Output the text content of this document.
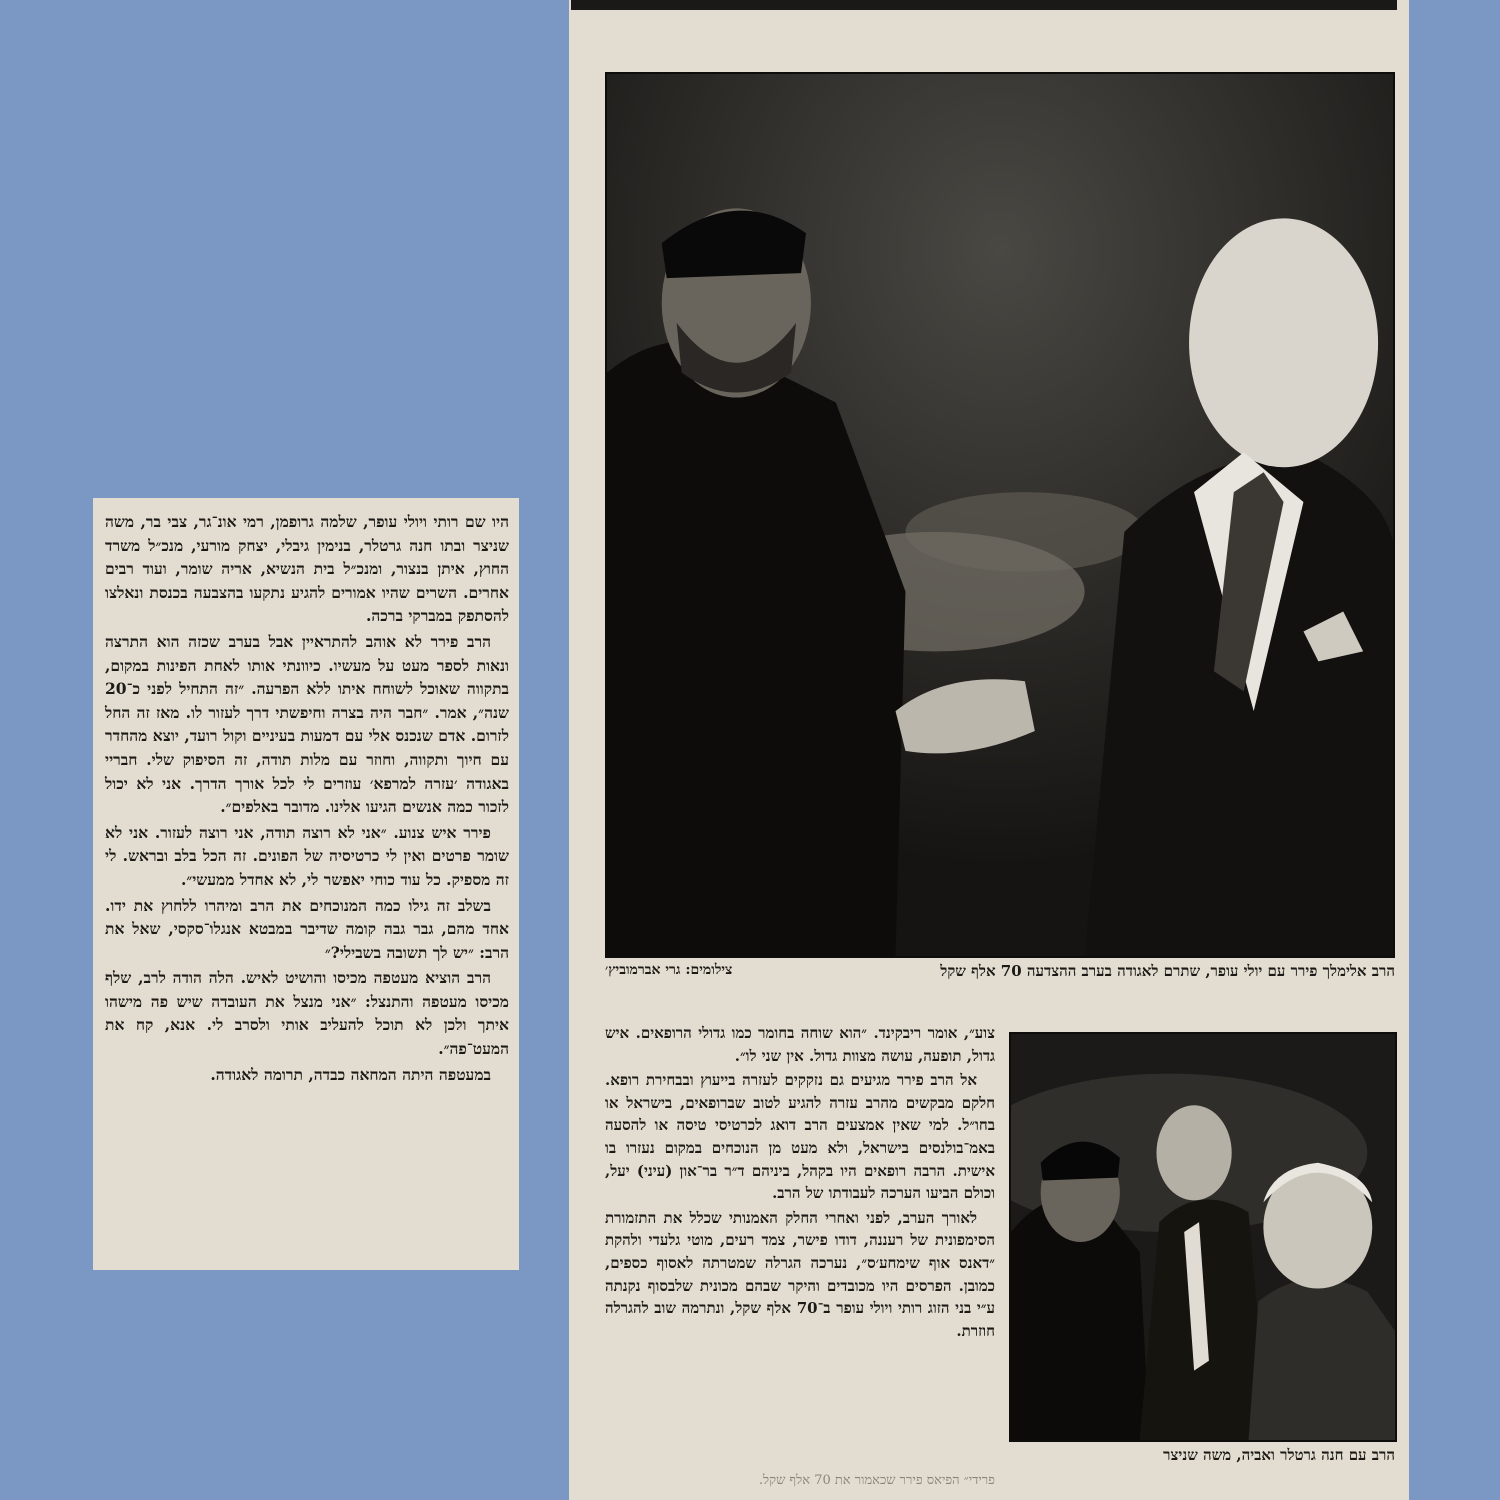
היו שם רותי ויולי עופר, שלמה גרופמן, רמי אונ־גר, צבי בר, משה שניצר ובתו חנה גרטלר, בנימין גיבלי, יצחק מורעי, מנכ״ל משרד החוץ, איתן בנצור, ומנכ״ל בית הנשיא, אריה שומר, ועוד רבים אחרים. השרים שהיו אמורים להגיע נתקעו בהצבעה בכנסת ונאלצו להסתפק במברקי ברכה.

הרב פירר לא אוהב להתראיין אבל בערב שכזה הוא התרצה ונאות לספר מעט על מעשיו. כיוונתי אותו לאחת הפינות במקום, בתקווה שאוכל לשוחח איתו ללא הפרעה. ״זה התחיל לפני כ־20 שנה״, אמר. ״חבר היה בצרה וחיפשתי דרך לעזור לו. מאז זה החל לזרום. אדם שנכנס אלי עם דמעות בעיניים וקול רועד, יוצא מהחדר עם חיוך ותקווה, וחוזר עם מלות תודה, זה הסיפוק שלי. חבריי באגודה ׳עזרה למרפא׳ עוזרים לי לכל אורך הדרך. אני לא יכול לזכור כמה אנשים הגיעו אלינו. מדובר באלפים״.

פירר איש צנוע. ״אני לא רוצה תודה, אני רוצה לעזור. אני לא שומר פרטים ואין לי כרטיסיה של הפונים. זה הכל בלב ובראש. לי זה מספיק. כל עוד כוחי יאפשר לי, לא אחדל ממעשי״.

בשלב זה גילו כמה המנוכחים את הרב ומיהרו ללחוץ את ידו. אחד מהם, גבר גבה קומה שדיבר במבטא אנגלו־סקסי, שאל את הרב: ״יש לך תשובה בשבילי?״

הרב הוציא מעטפה מכיסו והושיט לאיש. הלה הודה לרב, שלף מכיסו מעטפה והתנצל: ״אני מנצל את העובדה שיש פה מישהו איתך ולכן לא תוכל להעליב אותי ולסרב לי. אנא, קח את המעט־פה״.

במעטפה היתה המחאה כבדה, תרומה לאגודה.

הרב אלימלך פירר עם יולי עופר, שתרם לאגודה בערב ההצדעה 70 אלף שקל
צילומים: גרי אברמוביץ׳

צוע״, אומר ריבקינד. ״הוא שוחה בחומר כמו גדולי הרופאים. איש גדול, תופעה, עושה מצוות גדול. אין שני לו״.

אל הרב פירר מגיעים גם נזקקים לעזרה בייעוץ ובבחירת רופא. חלקם מבקשים מהרב עזרה להגיע לטוב שברופאים, בישראל או בחו״ל. למי שאין אמצעים הרב דואג לכרטיסי טיסה או להסעה באמ־בולנסים בישראל, ולא מעט מן הנוכחים במקום נעזרו בו אישית. הרבה רופאים היו בקהל, ביניהם ד״ר בר־און (עיני) יעל, וכולם הביעו הערכה לעבודתו של הרב.

לאורך הערב, לפני ואחרי החלק האמנותי שכלל את התזמורת הסימפונית של רעננה, דודו פישר, צמד רעים, מוטי גלעדי ולהקת ״דאנס אוף שימחע׳ס״, נערכה הגרלה שמטרתה לאסוף כספים, כמובן. הפרסים היו מכובדים והיקר שבהם מכונית שלבסוף נקנתה ע״י בני הזוג רותי ויולי עופר ב־70 אלף שקל, ונתרמה שוב להגרלה חוזרת.

פרידי״ הפיאס פירר שכאמור את 70 אלף שקל.
הרב עם חנה גרטלר ואביה, משה שניצר
